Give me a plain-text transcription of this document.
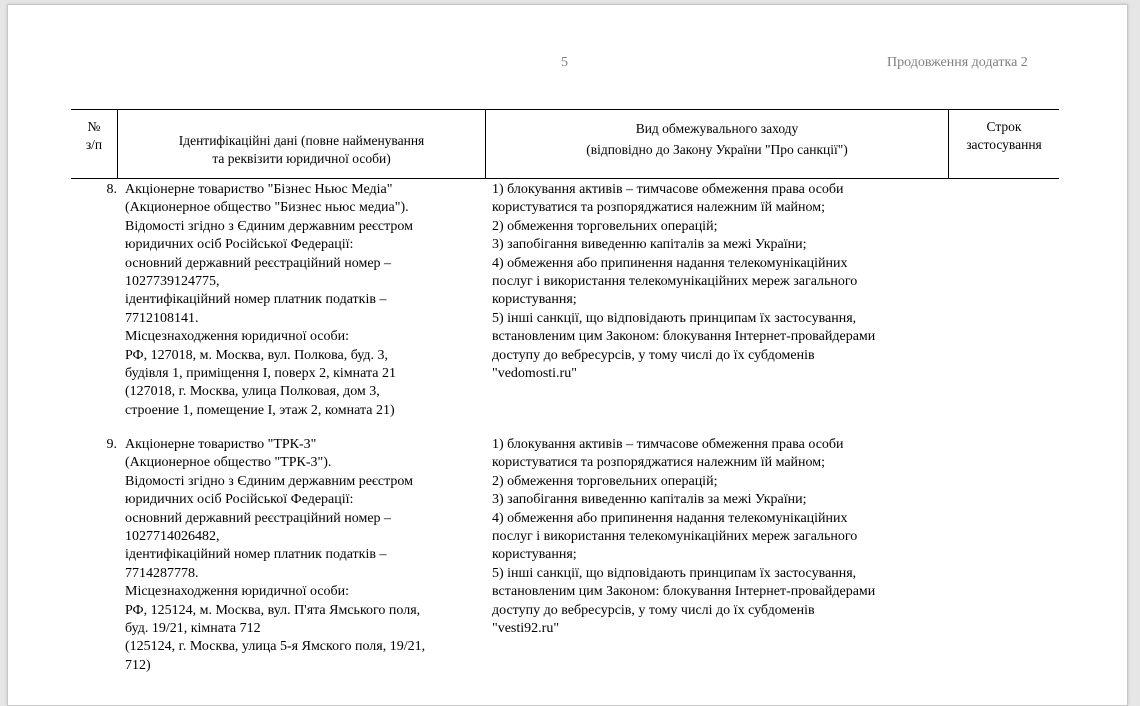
5	Продовження додатка 2
№
з/п	Ідентифікаційні дані (повне найменування
та реквізити юридичної особи)
Вид обмежувального заходу
(відповідно до Закону України "Про санкції")
Строк
застосування
8. Акціонерне товариство "Бізнес Ньюс Медіа"
(Акционерное общество "Бизнес ньюс медиа").
Відомості згідно з Єдиним державним реєстром
юридичних осіб Російської Федерації:
основний державний реєстраційний номер –
1027739124775,
ідентифікаційний номер платник податків –
7712108141.
Місцезнаходження юридичної особи:
РФ, 127018, м. Москва, вул. Полкова, буд. 3,
будівля 1, приміщення І, поверх 2, кімната 21
(127018, г. Москва, улица Полковая, дом 3,
строение 1, помещение I, этаж 2, комната 21)
1) блокування активів – тимчасове обмеження права особи
користуватися та розпоряджатися належним їй майном;
2) обмеження торговельних операцій;
3) запобігання виведенню капіталів за межі України;
4) обмеження або припинення надання телекомунікаційних
послуг і використання телекомунікаційних мереж загального
користування;
5) інші санкції, що відповідають принципам їх застосування,
встановленим цим Законом: блокування Інтернет-провайдерами
доступу до вебресурсів, у тому числі до їх субдоменів
"vedomosti.ru"
9. Акціонерне товариство "ТРК-3"
(Акционерное общество "ТРК-3").
Відомості згідно з Єдиним державним реєстром
юридичних осіб Російської Федерації:
основний державний реєстраційний номер –
1027714026482,
ідентифікаційний номер платник податків –
7714287778.
Місцезнаходження юридичної особи:
РФ, 125124, м. Москва, вул. П'ята Ямського поля,
буд. 19/21, кімната 712
(125124, г. Москва, улица 5-я Ямского поля, 19/21,
712)
1) блокування активів – тимчасове обмеження права особи
користуватися та розпоряджатися належним їй майном;
2) обмеження торговельних операцій;
3) запобігання виведенню капіталів за межі України;
4) обмеження або припинення надання телекомунікаційних
послуг і використання телекомунікаційних мереж загального
користування;
5) інші санкції, що відповідають принципам їх застосування,
встановленим цим Законом: блокування Інтернет-провайдерами
доступу до вебресурсів, у тому числі до їх субдоменів
"vesti92.ru"
